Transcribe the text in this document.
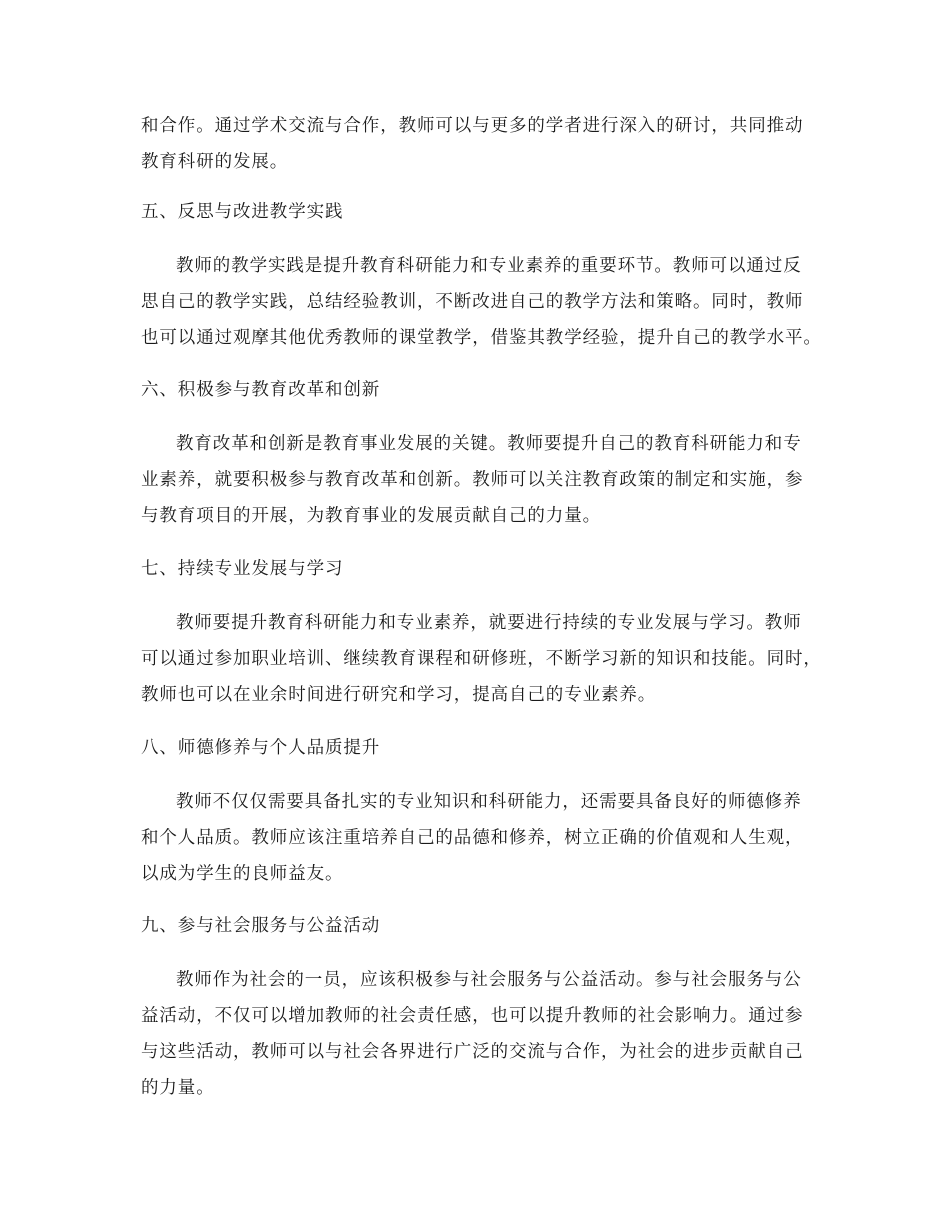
和合作。通过学术交流与合作，教师可以与更多的学者进行深入的研讨，共同推动
教育科研的发展。
五、反思与改进教学实践
教师的教学实践是提升教育科研能力和专业素养的重要环节。教师可以通过反
思自己的教学实践，总结经验教训，不断改进自己的教学方法和策略。同时，教师
也可以通过观摩其他优秀教师的课堂教学，借鉴其教学经验，提升自己的教学水平。
六、积极参与教育改革和创新
教育改革和创新是教育事业发展的关键。教师要提升自己的教育科研能力和专
业素养，就要积极参与教育改革和创新。教师可以关注教育政策的制定和实施，参
与教育项目的开展，为教育事业的发展贡献自己的力量。
七、持续专业发展与学习
教师要提升教育科研能力和专业素养，就要进行持续的专业发展与学习。教师
可以通过参加职业培训、继续教育课程和研修班，不断学习新的知识和技能。同时，
教师也可以在业余时间进行研究和学习，提高自己的专业素养。
八、师德修养与个人品质提升
教师不仅仅需要具备扎实的专业知识和科研能力，还需要具备良好的师德修养
和个人品质。教师应该注重培养自己的品德和修养，树立正确的价值观和人生观，
以成为学生的良师益友。
九、参与社会服务与公益活动
教师作为社会的一员，应该积极参与社会服务与公益活动。参与社会服务与公
益活动，不仅可以增加教师的社会责任感，也可以提升教师的社会影响力。通过参
与这些活动，教师可以与社会各界进行广泛的交流与合作，为社会的进步贡献自己
的力量。
